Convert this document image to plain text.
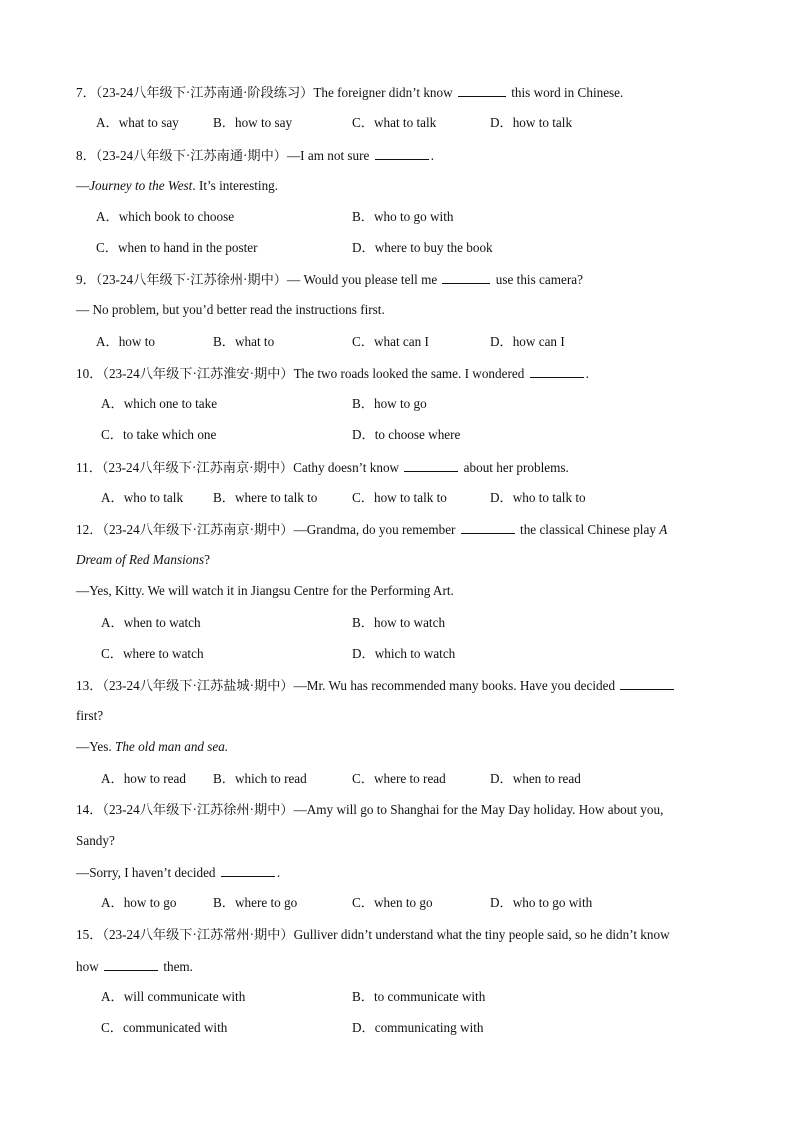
7．（23-24八年级下·江苏南通·阶段练习）The foreigner didn’t know	this word in Chinese.
A．what to say	B．how to say	C．what to talk	D．how to talk
8．（23-24八年级下·江苏南通·期中）—I am not sure	.
—Journey to the West. It’s interesting.
A．which book to choose	B．who to go with
C．when to hand in the poster	D．where to buy the book
9．（23-24八年级下·江苏徐州·期中）— Would you please tell me	use this camera?
— No problem, but you’d better read the instructions first.
A．how to	B．what to	C．what can I	D．how can I
10．（23-24八年级下·江苏淮安·期中）The two roads looked the same. I wondered	.
A．which one to take	B．how to go
C．to take which one	D．to choose where
11．（23-24八年级下·江苏南京·期中）Cathy doesn’t know	about her problems.
A．who to talk B．where to talk to	C．how to talk to	D．who to talk to
12．（23-24八年级下·江苏南京·期中）—Grandma, do you remember	the classical Chinese play A
Dream of Red Mansions?
—Yes, Kitty. We will watch it in Jiangsu Centre for the Performing Art.
A．when to watch	B．how to watch
C．where to watch	D．which to watch
13．（23-24八年级下·江苏盐城·期中）—Mr. Wu has recommended many books. Have you decided
first?
—Yes. The old man and sea.
A．how to read B．which to read	C．where to read	D．when to read
14．（23-24八年级下·江苏徐州·期中）—Amy will go to Shanghai for the May Day holiday. How about you,
Sandy?
—Sorry, I haven’t decided	.
A．how to go	B．where to go	C．when to go	D．who to go with
15．（23-24八年级下·江苏常州·期中）Gulliver didn’t understand what the tiny people said, so he didn’t know
how	them.
A．will communicate with	B．to communicate with
C．communicated with	D．communicating with
